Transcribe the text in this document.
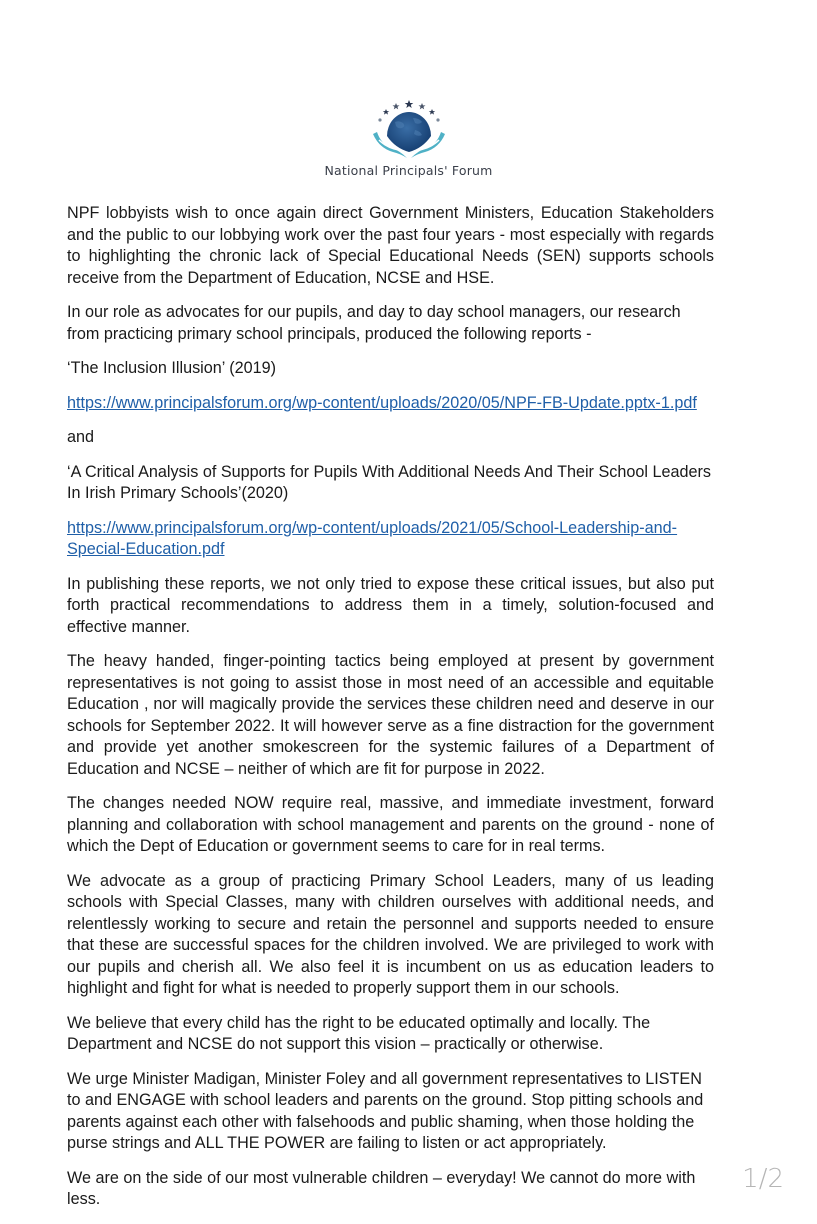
National Principals' Forum

NPF lobbyists wish to once again direct Government Ministers, Education Stakeholders and the public to our lobbying work over the past four years - most especially with regards to highlighting the chronic lack of Special Educational Needs (SEN) supports schools receive from the Department of Education, NCSE and HSE.

In our role as advocates for our pupils, and day to day school managers, our research from practicing primary school principals, produced the following reports -

‘The Inclusion Illusion’ (2019)

https://www.principalsforum.org/wp-content/uploads/2020/05/NPF-FB-Update.pptx-1.pdf

and

‘A Critical Analysis of Supports for Pupils With Additional Needs And Their School Leaders In Irish Primary Schools’(2020)

https://www.principalsforum.org/wp-content/uploads/2021/05/School-Leadership-and-
Special-Education.pdf

In publishing these reports, we not only tried to expose these critical issues, but also put forth practical recommendations to address them in a timely, solution-focused and effective manner.

The heavy handed, finger-pointing tactics being employed at present by government representatives is not going to assist those in most need of an accessible and equitable Education , nor will magically provide the services these children need and deserve in our schools for September 2022. It will however serve as a fine distraction for the government and provide yet another smokescreen for the systemic failures of a Department of Education and NCSE – neither of which are fit for purpose in 2022.

The changes needed NOW require real, massive, and immediate investment, forward planning and collaboration with school management and parents on the ground - none of which the Dept of Education or government seems to care for in real terms.

We advocate as a group of practicing Primary School Leaders, many of us leading schools with Special Classes, many with children ourselves with additional needs, and relentlessly working to secure and retain the personnel and supports needed to ensure that these are successful spaces for the children involved. We are privileged to work with our pupils and cherish all. We also feel it is incumbent on us as education leaders to highlight and fight for what is needed to properly support them in our schools.

We believe that every child has the right to be educated optimally and locally. The Department and NCSE do not support this vision – practically or otherwise.

We urge Minister Madigan, Minister Foley and all government representatives to LISTEN to and ENGAGE with school leaders and parents on the ground. Stop pitting schools and parents against each other with falsehoods and public shaming, when those holding the purse strings and ALL THE POWER are failing to listen or act appropriately.

We are on the side of our most vulnerable children – everyday! We cannot do more with less.

1/2
